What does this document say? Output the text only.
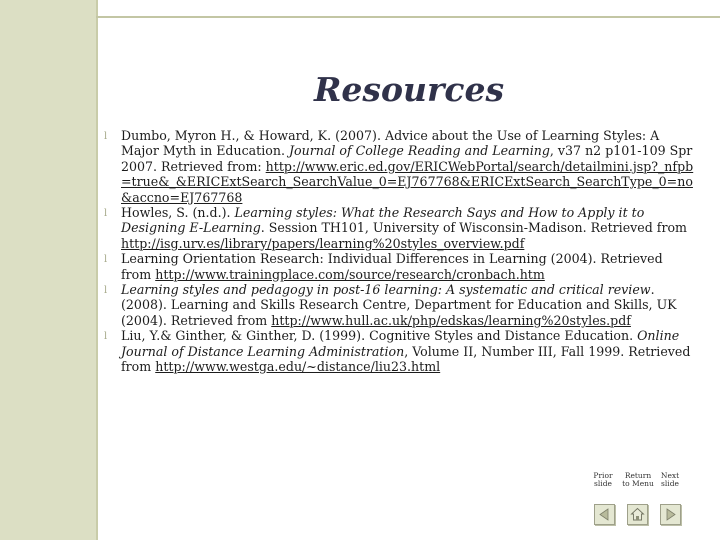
Resources
l Dumbo, Myron H., & Howard, K. (2007). Advice about the Use of Learning Styles: A Major Myth in Education. Journal of College Reading and Learning, v37 n2 p101-109 Spr 2007. Retrieved from: http://www.eric.ed.gov/ERICWebPortal/search/detailmini.jsp?_nfpb=true&_&ERICExtSearch_SearchValue_0=EJ767768&ERICExtSearch_SearchType_0=no&accno=EJ767768
l Howles, S. (n.d.). Learning styles: What the Research Says and How to Apply it to Designing E-Learning. Session TH101, University of Wisconsin-Madison. Retrieved from http://isg.urv.es/library/papers/learning%20styles_overview.pdf
l Learning Orientation Research: Individual Differences in Learning (2004). Retrieved from http://www.trainingplace.com/source/research/cronbach.htm
l Learning styles and pedagogy in post-16 learning: A systematic and critical review. (2008). Learning and Skills Research Centre, Department for Education and Skills, UK (2004). Retrieved from http://www.hull.ac.uk/php/edskas/learning%20styles.pdf
l Liu, Y.& Ginther, & Ginther, D. (1999). Cognitive Styles and Distance Education. Online Journal of Distance Learning Administration, Volume II, Number III, Fall 1999. Retrieved from http://www.westga.edu/~distance/liu23.html
Prior
slide
Return
to Menu
Next
slide
